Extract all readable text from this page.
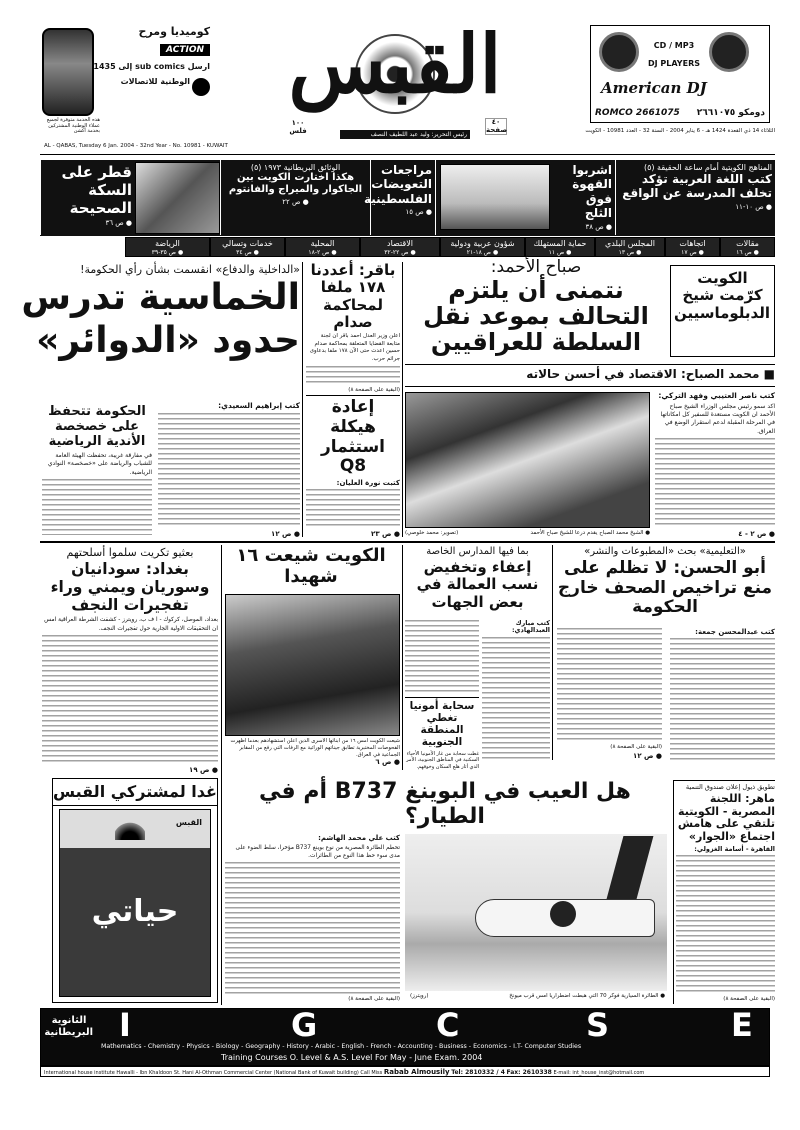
كوميديا ومرح
ACTION
ارسل sub comics إلى 1435
الوطنية للاتصالات
هذه الخدمة متوفرة لجميع عملاء الوطنية المشتركين بخدمة أكشن
القبس
١٠٠
فلس	رئيس التحرير: وليد عبد اللطيف النصف
٤٠
صفحة
CD / MP3
DJ PLAYERS
American DJ
ROMCO 2661075 دومكو ٢٦٦١٠٧٥
الثلاثاء 14 ذي القعدة 1424 هـ - 6 يناير 2004 - السنة 32 - العدد 10981 - الكويت
AL - QABAS, Tuesday 6 Jan. 2004 - 32nd Year - No. 10981 - KUWAIT
المناهج الكويتية أمام ساعة الحقيقة (٥)
كتب اللغة العربية تؤكد تخلف المدرسة عن الواقع
● ص ١٠-١١
اشربوا القهوة فوق الثلج
● ص ٣٨
مراجعات التعويضات الفلسطينية
● ص ١٥
الوثائق البريطانية ١٩٧٣ (٥)
هكذا اختارت الكويت بين الجاكوار والميراج والفانتوم
● ص ٢٢
قطر على السكة الصحيحة
● ص ٣٦
مقالات
● ص ١٦
اتجاهات
● ص ١٧
المجلس البلدي
● ص ١٣
حماية المستهلك
● ص ١١
شؤون عربية ودولية
● ص ١٨-٢١
الاقتصاد
● ص ٢٢-٣٢
المحلية
● ص ٢-١٨
خدمات وتسالي
● ص ٣٤
الرياضة
● ص ٣٥-٣٩
الكويت كرّمت شيخ الدبلوماسيين
صباح الأحمد:
نتمنى أن يلتزم التحالف بموعد نقل السلطة للعراقيين
■ محمد الصباح: الاقتصاد في أحسن حالاته
● الشيخ محمد الصباح يقدم درعا للشيخ صباح الأحمد
(تصوير: محمد خلوصي)
كتب ناصر العتيبي وفهد التركي:
اكد سمو رئيس مجلس الوزراء الشيخ صباح الأحمد ان الكويت مستعدة للسفير كل امكاناتها في المرحلة المقبلة لدعم استقرار الوضع في العراق.
● ص ٢ - ٤
باقر: أعددنا ١٧٨ ملفا لمحاكمة صدام
اعلن وزير العدل احمد باقر ان لجنة متابعة القضايا المتعلقة بمحاكمة صدام حسين اعدت حتى الآن ١٧٨ ملفا بدعاوى جرائم حرب.
(البقية على الصفحة ٨)
إعادة هيكلة استثمار Q8
كتبت نورة العليان:
● ص ٢٣
«الداخلية والدفاع» انقسمت بشأن رأي الحكومة!
الخماسية تدرس
حدود «الدوائر»
كتب إبراهيم السعيدي:
● ص ١٢
الحكومة تتحفظ على خصخصة الأندية الرياضية
في مفارقة غريبة، تحفظت الهيئة العامة للشباب والرياضة على «خصخصة» النوادي الرياضية.
«التعليمية» بحث «المطبوعات والنشر»
أبو الحسن: لا تظلم على منع تراخيص الصحف خارج الحكومة
كتب عبدالمحسن جمعة:
(البقية على الصفحة ٨)
● ص ١٢
بما فيها المدارس الخاصة
إعفاء وتخفيض نسب العمالة في بعض الجهات
كتب مبارك العبدالهادي:
سحابة أمونيا تغطي المنطقة الجنوبية
غطت سحابة من غاز الأمونيا الأحياء السكنية في المناطق الجنوبية، الأمر الذي أثار هلع السكان وخوفهم.
الكويت شيعت ١٦ شهيدا
شيعت الكويت امس ١٦ من ابنائها الاسرى الذين اعلن استشهادهم بعدما اظهرت الفحوصات المختبرية تطابق جيناتهم الوراثية مع الرفات التي رفع من المقابر الجماعية في العراق.
● ص ٦
بعثيو تكريت سلموا أسلحتهم
بغداد: سودانيان وسوريان ويمني وراء تفجيرات النجف
بغداد، الموصل، كركوك - ا ف ب، رويترز - كشفت الشرطة العراقية امس ان التحقيقات الاولية الجارية حول تفجيرات النجف.
● ص ١٩
غدا لمشتركي القبس
القبس
حياتي
هل العيب في البوينغ B737 أم في الطيار؟
كتب علي محمد الهاشم:
تحطم الطائرة المصرية من نوع بوينغ B737 مؤخرا، سلط الضوء على مدى سوء حظ هذا النوع من الطائرات.
(البقية على الصفحة ٨)	● الطائرة السيارية فوكر 70 التي هبطت اضطراريا امس قرب ميونخ
(رويترز)
تطويق ذيول إعلان صندوق التنمية
ماهر: اللجنة المصرية - الكويتية تلتقي على هامش اجتماع «الجوار»
القاهرة - أسامة الغزولي:
(البقية على الصفحة ٨)
الثانوية البريطانية I	G	C	S	E
Mathematics - Chemistry - Physics - Biology - Geography - History - Arabic - English - French - Accounting - Business - Economics - I.T- Computer Studies
Training Courses O. Level & A.S. Level For May - June Exam. 2004
International house institute Hawalli - Ibn Khaldoon St. Hani Al-Othman Commercial Center (National Bank of Kuwait building) Call Miss Rabab Almousily Tel: 2810332 / 4 Fax: 2610338 E-mail: int_house_inst@hotmail.com
